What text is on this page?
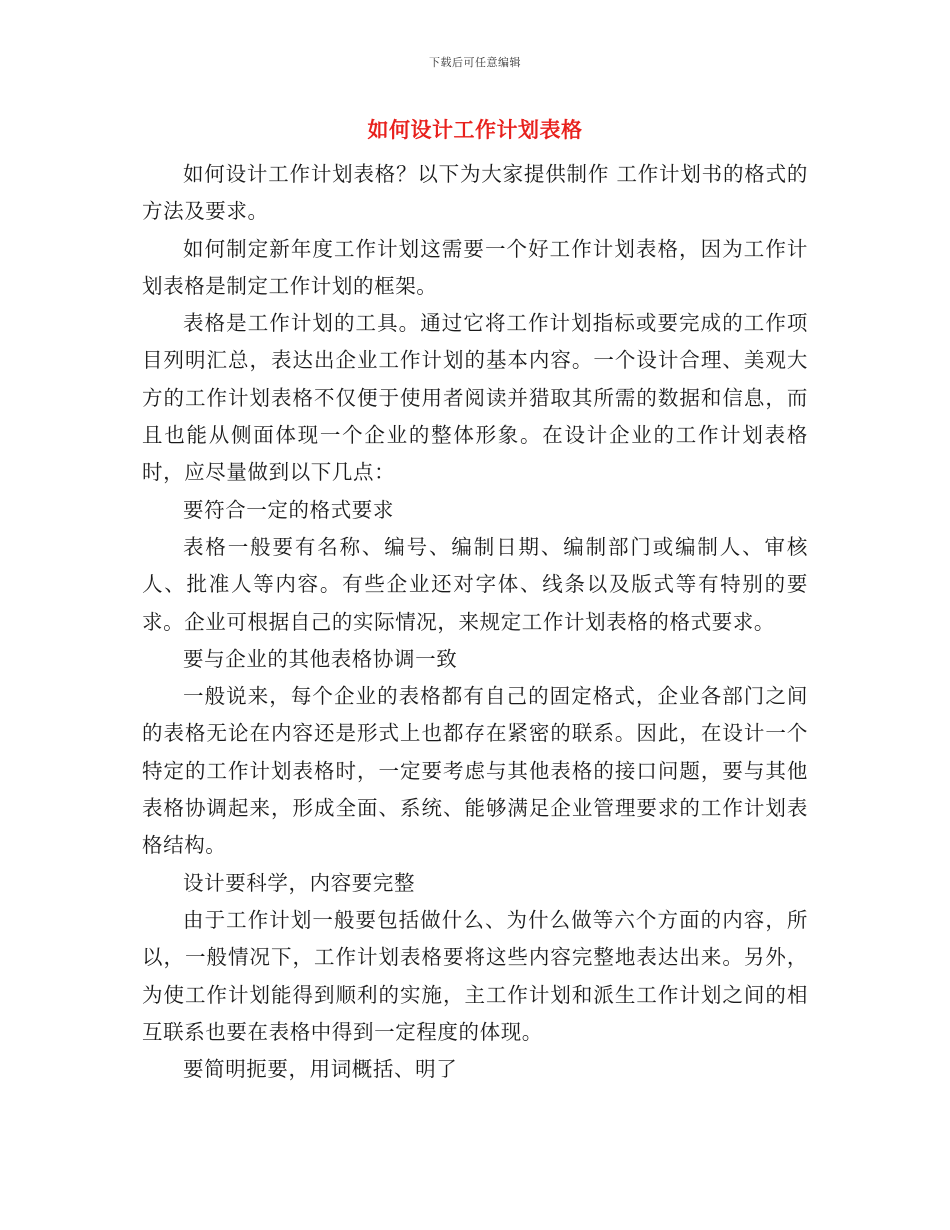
下载后可任意编辑
如何设计工作计划表格

如何设计工作计划表格？以下为大家提供制作 工作计划书的格式的方法及要求。

如何制定新年度工作计划这需要一个好工作计划表格，因为工作计划表格是制定工作计划的框架。

表格是工作计划的工具。通过它将工作计划指标或要完成的工作项目列明汇总，表达出企业工作计划的基本内容。一个设计合理、美观大方的工作计划表格不仅便于使用者阅读并猎取其所需的数据和信息，而且也能从侧面体现一个企业的整体形象。在设计企业的工作计划表格时，应尽量做到以下几点：

要符合一定的格式要求

表格一般要有名称、编号、编制日期、编制部门或编制人、审核人、批准人等内容。有些企业还对字体、线条以及版式等有特别的要求。企业可根据自己的实际情况，来规定工作计划表格的格式要求。

要与企业的其他表格协调一致

一般说来，每个企业的表格都有自己的固定格式，企业各部门之间的表格无论在内容还是形式上也都存在紧密的联系。因此，在设计一个特定的工作计划表格时，一定要考虑与其他表格的接口问题，要与其他表格协调起来，形成全面、系统、能够满足企业管理要求的工作计划表格结构。

设计要科学，内容要完整

由于工作计划一般要包括做什么、为什么做等六个方面的内容，所以，一般情况下，工作计划表格要将这些内容完整地表达出来。另外，为使工作计划能得到顺利的实施，主工作计划和派生工作计划之间的相互联系也要在表格中得到一定程度的体现。

要简明扼要，用词概括、明了
